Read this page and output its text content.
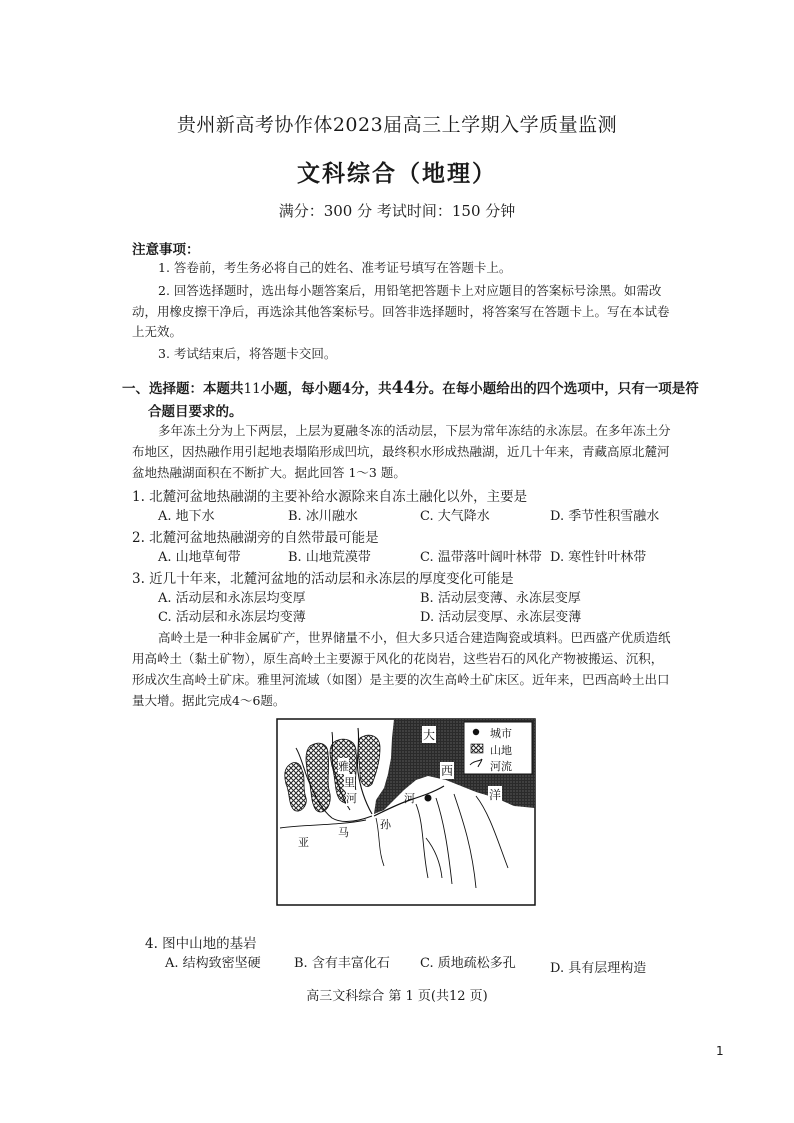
贵州新高考协作体2023届高三上学期入学质量监测
文科综合（地理）
满分：300 分 考试时间：150 分钟
注意事项：
1. 答卷前，考生务必将自己的姓名、准考证号填写在答题卡上。
2. 回答选择题时，选出每小题答案后，用铅笔把答题卡上对应题目的答案标号涂黑。如需改
动，用橡皮擦干净后，再选涂其他答案标号。回答非选择题时，将答案写在答题卡上。写在本试卷
上无效。
3. 考试结束后，将答题卡交回。
一、选择题：本题共11小题，每小题4分，共44分。在每小题给出的四个选项中，只有一项是符
合题目要求的。
多年冻土分为上下两层，上层为夏融冬冻的活动层，下层为常年冻结的永冻层。在多年冻土分
布地区，因热融作用引起地表塌陷形成凹坑，最终积水形成热融湖，近几十年来，青藏高原北麓河
盆地热融湖面积在不断扩大。据此回答 1～3 题。
1. 北麓河盆地热融湖的主要补给水源除来自冻土融化以外，主要是
A. 地下水	B. 冰川融水	C. 大气降水	D. 季节性积雪融水
2. 北麓河盆地热融湖旁的自然带最可能是
A. 山地草甸带	B. 山地荒漠带	C. 温带落叶阔叶林带 D. 寒性针叶林带
3. 近几十年来，北麓河盆地的活动层和永冻层的厚度变化可能是
A. 活动层和永冻层均变厚	B. 活动层变薄、永冻层变厚
C. 活动层和永冻层均变薄	D. 活动层变厚、永冻层变薄
高岭土是一种非金属矿产，世界储量不小，但大多只适合建造陶瓷或填料。巴西盛产优质造纸
用高岭土（黏土矿物），原生高岭土主要源于风化的花岗岩，这些岩石的风化产物被搬运、沉积，
形成次生高岭土矿床。雅里河流域（如图）是主要的次生高岭土矿床区。近年来，巴西高岭土出口
量大增。据此完成4～6题。
城市
山地
河流
大
西
洋
雅
里
河	河
孙
马
亚
4. 图中山地的基岩
A. 结构致密坚硬	B. 含有丰富化石 C. 质地疏松多孔	D. 具有层理构造
高三文科综合 第 1 页(共12 页)
1
